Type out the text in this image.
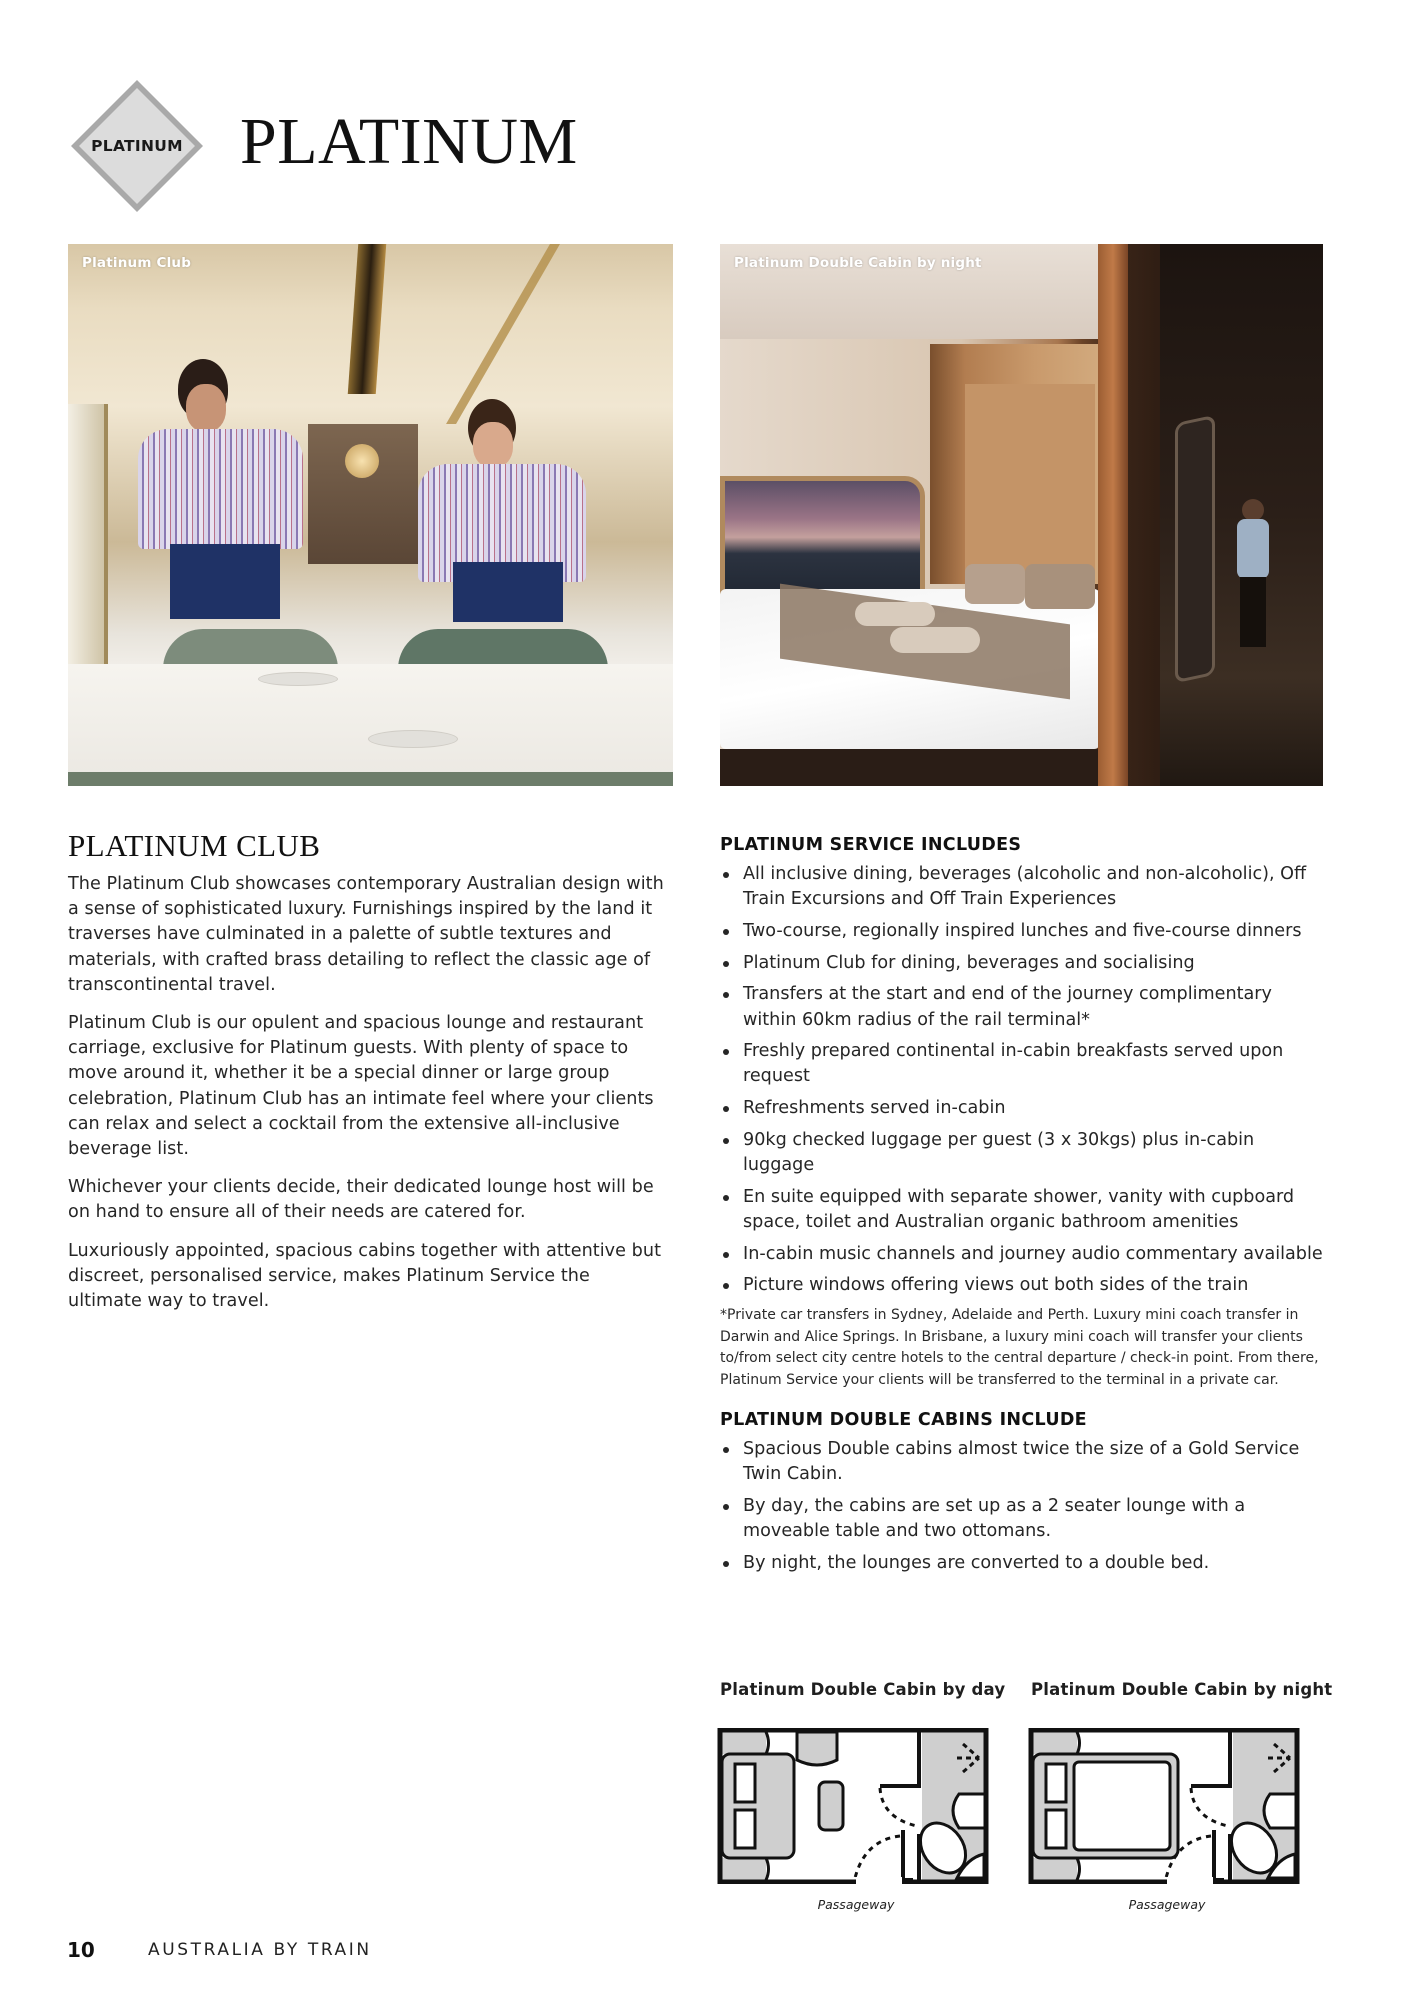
PLATINUM PLATINUM
Platinum Club	Platinum Double Cabin by night
PLATINUM CLUB

The Platinum Club showcases contemporary Australian design with a sense of sophisticated luxury. Furnishings inspired by the land it traverses have culminated in a palette of subtle textures and materials, with crafted brass detailing to reflect the classic age of transcontinental travel.

Platinum Club is our opulent and spacious lounge and restaurant carriage, exclusive for Platinum guests. With plenty of space to move around it, whether it be a special dinner or large group celebration, Platinum Club has an intimate feel where your clients can relax and select a cocktail from the extensive all-inclusive beverage list.

Whichever your clients decide, their dedicated lounge host will be on hand to ensure all of their needs are catered for.

Luxuriously appointed, spacious cabins together with attentive but discreet, personalised service, makes Platinum Service the ultimate way to travel.

PLATINUM SERVICE INCLUDES
All inclusive dining, beverages (alcoholic and non-alcoholic), Off Train Excursions and Off Train Experiences
Two-course, regionally inspired lunches and five-course dinners
Platinum Club for dining, beverages and socialising
Transfers at the start and end of the journey complimentary within 60km radius of the rail terminal*
Freshly prepared continental in-cabin breakfasts served upon request
Refreshments served in-cabin
90kg checked luggage per guest (3 x 30kgs) plus in-cabin luggage
En suite equipped with separate shower, vanity with cupboard space, toilet and Australian organic bathroom amenities
In-cabin music channels and journey audio commentary available
Picture windows offering views out both sides of the train

*Private car transfers in Sydney, Adelaide and Perth. Luxury mini coach transfer in Darwin and Alice Springs. In Brisbane, a luxury mini coach will transfer your clients to/from select city centre hotels to the central departure / check-in point. From there, Platinum Service your clients will be transferred to the terminal in a private car.

PLATINUM DOUBLE CABINS INCLUDE
Spacious Double cabins almost twice the size of a Gold Service Twin Cabin.
By day, the cabins are set up as a 2 seater lounge with a moveable table and two ottomans.
By night, the lounges are converted to a double bed.
Platinum Double Cabin by day Platinum Double Cabin by night
Passageway	Passageway
10	AUSTRALIA BY TRAIN
